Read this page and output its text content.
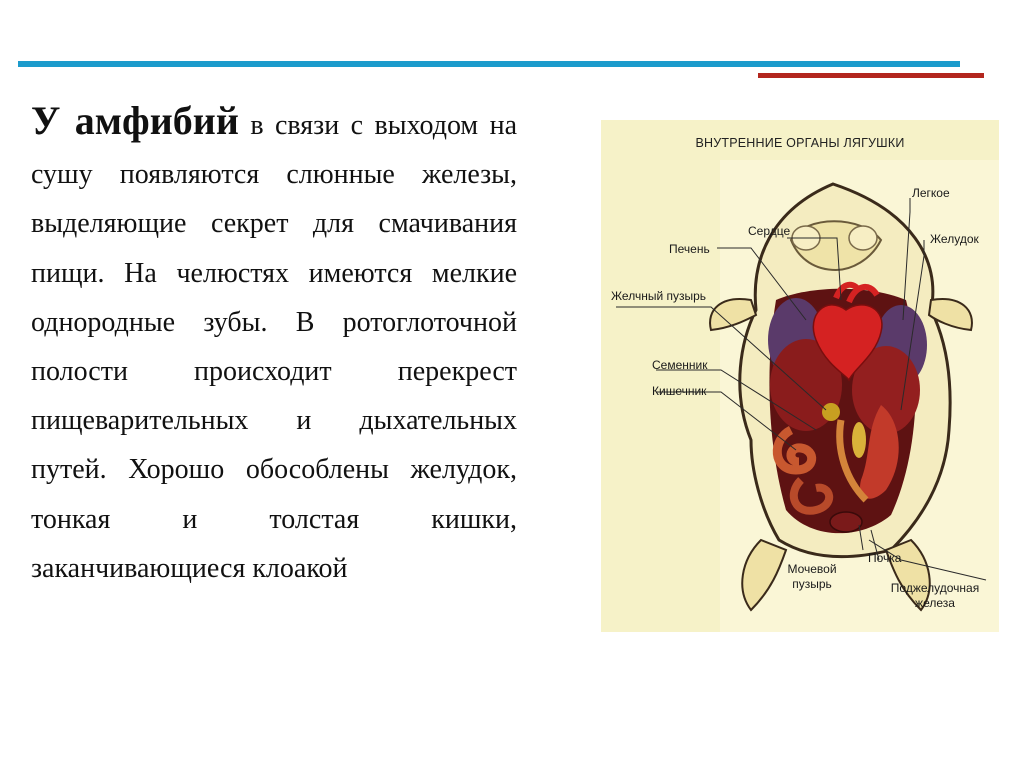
У амфибий в связи с выходом на сушу появляются слюнные железы, выделяющие секрет для смачивания пищи. На челюстях имеются мелкие однородные зубы. В ротоглоточной полости происходит перекрест пищеварительных и дыхательных путей. Хорошо обособлены желудок, тонкая и толстая кишки, заканчивающиеся клоакой
ВНУТРЕННИЕ ОРГАНЫ ЛЯГУШКИ
Легкое
Сердце
Желудок
Печень
Желчный пузырь
Семенник
Кишечник
Почка
Мочевой
пузырь	Поджелудочная
железа
